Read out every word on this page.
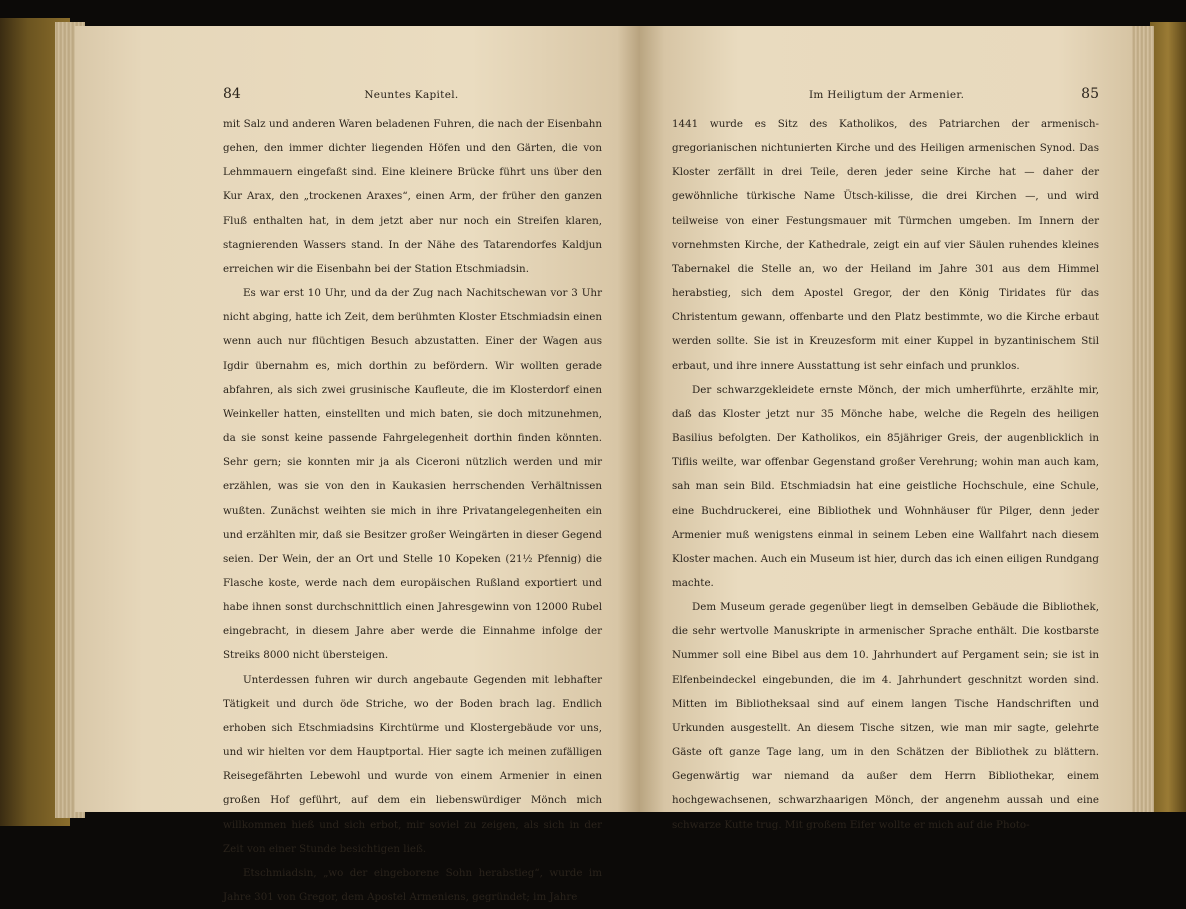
84	Neuntes Kapitel.

mit Salz und anderen Waren beladenen Fuhren, die nach der Eisenbahn gehen, den immer dichter liegenden Höfen und den Gärten, die von Lehmmauern eingefaßt sind. Eine kleinere Brücke führt uns über den Kur Arax, den „trockenen Araxes“, einen Arm, der früher den ganzen Fluß enthalten hat, in dem jetzt aber nur noch ein Streifen klaren, stagnierenden Wassers stand. In der Nähe des Tatarendorfes Kaldjun erreichen wir die Eisenbahn bei der Station Etschmiadsin.

Es war erst 10 Uhr, und da der Zug nach Nachitschewan vor 3 Uhr nicht abging, hatte ich Zeit, dem berühmten Kloster Etschmiadsin einen wenn auch nur flüchtigen Besuch abzustatten. Einer der Wagen aus Igdir übernahm es, mich dorthin zu befördern. Wir wollten gerade abfahren, als sich zwei grusinische Kaufleute, die im Klosterdorf einen Weinkeller hatten, einstellten und mich baten, sie doch mitzunehmen, da sie sonst keine passende Fahrgelegenheit dorthin finden könnten. Sehr gern; sie konnten mir ja als Ciceroni nützlich werden und mir erzählen, was sie von den in Kaukasien herrschenden Verhältnissen wußten. Zunächst weihten sie mich in ihre Privatangelegenheiten ein und erzählten mir, daß sie Besitzer großer Weingärten in dieser Gegend seien. Der Wein, der an Ort und Stelle 10 Kopeken (21½ Pfennig) die Flasche koste, werde nach dem europäischen Rußland exportiert und habe ihnen sonst durchschnittlich einen Jahresgewinn von 12000 Rubel eingebracht, in diesem Jahre aber werde die Einnahme infolge der Streiks 8000 nicht übersteigen.

Unterdessen fuhren wir durch angebaute Gegenden mit lebhafter Tätigkeit und durch öde Striche, wo der Boden brach lag. Endlich erhoben sich Etschmiadsins Kirchtürme und Klostergebäude vor uns, und wir hielten vor dem Hauptportal. Hier sagte ich meinen zufälligen Reisegefährten Lebewohl und wurde von einem Armenier in einen großen Hof geführt, auf dem ein liebenswürdiger Mönch mich willkommen hieß und sich erbot, mir soviel zu zeigen, als sich in der Zeit von einer Stunde besichtigen ließ.

Etschmiadsin, „wo der eingeborene Sohn herabstieg“, wurde im Jahre 301 von Gregor, dem Apostel Armeniens, gegründet; im Jahre

Im Heiligtum der Armenier.	85

1441 wurde es Sitz des Katholikos, des Patriarchen der armenisch-gregorianischen nichtunierten Kirche und des Heiligen armenischen Synod. Das Kloster zerfällt in drei Teile, deren jeder seine Kirche hat — daher der gewöhnliche türkische Name Ütsch-kilisse, die drei Kirchen —, und wird teilweise von einer Festungsmauer mit Türmchen umgeben. Im Innern der vornehmsten Kirche, der Kathedrale, zeigt ein auf vier Säulen ruhendes kleines Tabernakel die Stelle an, wo der Heiland im Jahre 301 aus dem Himmel herabstieg, sich dem Apostel Gregor, der den König Tiridates für das Christentum gewann, offenbarte und den Platz bestimmte, wo die Kirche erbaut werden sollte. Sie ist in Kreuzesform mit einer Kuppel in byzantinischem Stil erbaut, und ihre innere Ausstattung ist sehr einfach und prunklos.

Der schwarzgekleidete ernste Mönch, der mich umherführte, erzählte mir, daß das Kloster jetzt nur 35 Mönche habe, welche die Regeln des heiligen Basilius befolgten. Der Katholikos, ein 85jähriger Greis, der augenblicklich in Tiflis weilte, war offenbar Gegenstand großer Verehrung; wohin man auch kam, sah man sein Bild. Etschmiadsin hat eine geistliche Hochschule, eine Schule, eine Buchdruckerei, eine Bibliothek und Wohnhäuser für Pilger, denn jeder Armenier muß wenigstens einmal in seinem Leben eine Wallfahrt nach diesem Kloster machen. Auch ein Museum ist hier, durch das ich einen eiligen Rundgang machte.

Dem Museum gerade gegenüber liegt in demselben Gebäude die Bibliothek, die sehr wertvolle Manuskripte in armenischer Sprache enthält. Die kostbarste Nummer soll eine Bibel aus dem 10. Jahrhundert auf Pergament sein; sie ist in Elfenbeindeckel eingebunden, die im 4. Jahrhundert geschnitzt worden sind. Mitten im Bibliotheksaal sind auf einem langen Tische Handschriften und Urkunden ausgestellt. An diesem Tische sitzen, wie man mir sagte, gelehrte Gäste oft ganze Tage lang, um in den Schätzen der Bibliothek zu blättern. Gegenwärtig war niemand da außer dem Herrn Bibliothekar, einem hochgewachsenen, schwarzhaarigen Mönch, der angenehm aussah und eine schwarze Kutte trug. Mit großem Eifer wollte er mich auf die Photo-
